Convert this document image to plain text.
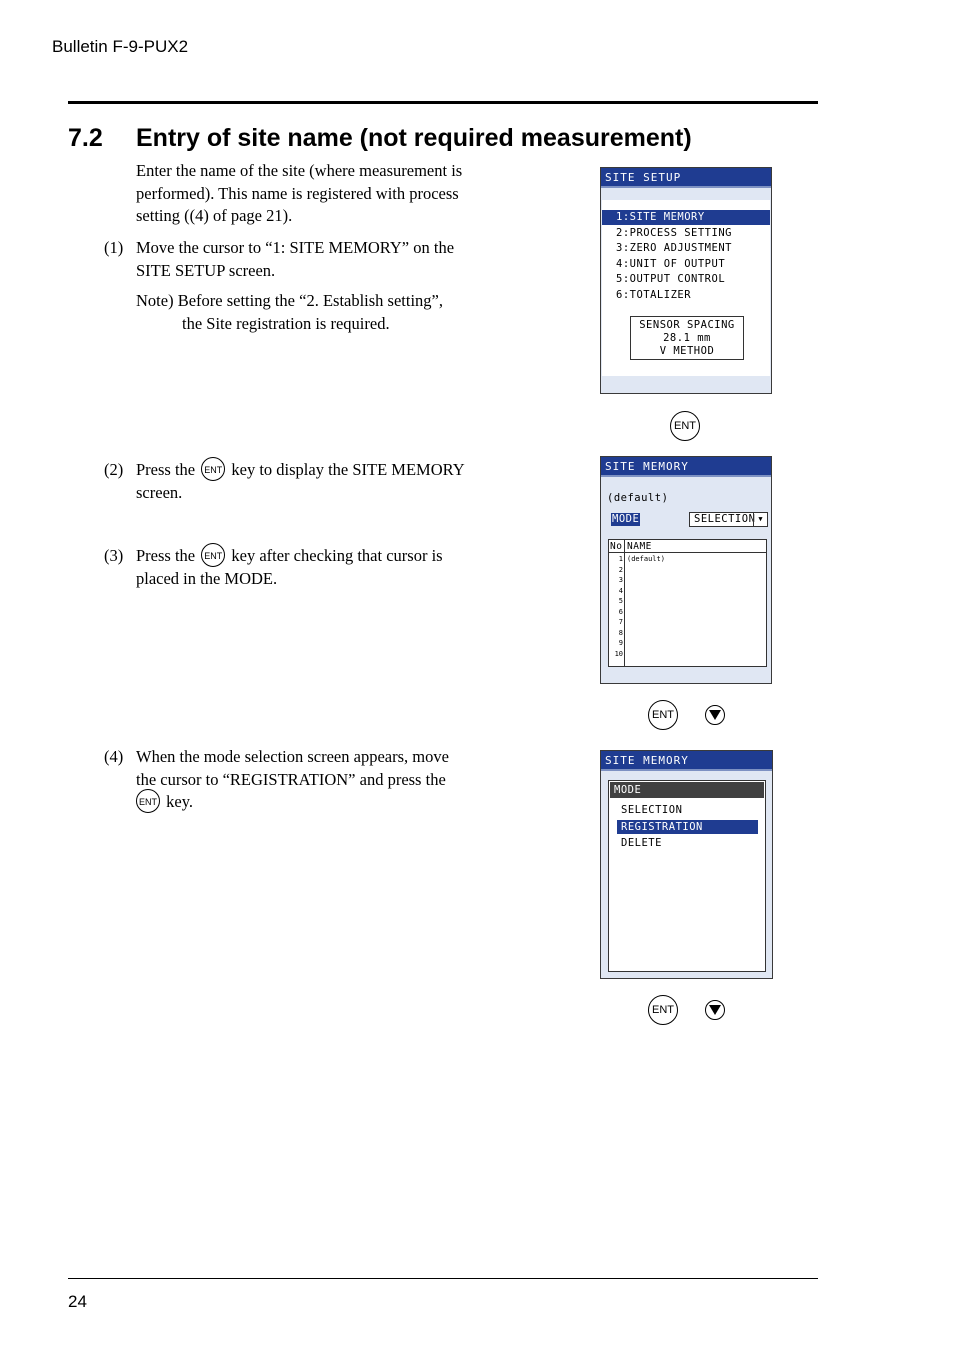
Bulletin F-9-PUX2
7.2 Entry of site name (not required measurement)
Enter the name of the site (where measurement is
performed). This name is registered with process
setting ((4) of page 21).
(1) Move the cursor to “1: SITE MEMORY” on the
SITE SETUP screen.
Note) Before setting the “2. Establish setting”,
the Site registration is required.
(2) Press the ENT key to display the SITE MEMORY
screen.
(3) Press the ENT key after checking that cursor is
placed in the MODE.
(4) When the mode selection screen appears, move
the cursor to “REGISTRATION” and press the
ENT key.
SITE SETUP
1:SITE MEMORY
2:PROCESS SETTING
3:ZERO ADJUSTMENT
4:UNIT OF OUTPUT
5:OUTPUT CONTROL
6:TOTALIZER
SENSOR SPACING
28.1 mm
V METHOD
ENT
SITE MEMORY
(default)
MODE	SELECTION ▼
No NAME
1
2
3
4
5
6
7
8
9
10
(default)
ENT
SITE MEMORY
MODE
SELECTION
REGISTRATION
DELETE
ENT
24
